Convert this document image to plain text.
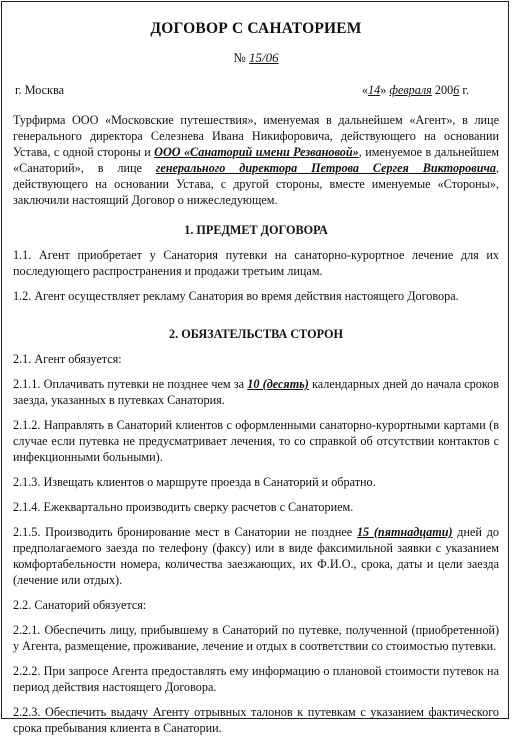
ДОГОВОР С САНАТОРИЕМ
№ 15/06
г. Москва	«14» февраля 2006 г.

Турфирма ООО «Московские путешествия», именуемая в дальнейшем «Агент», в лице генерального директора Селезнева Ивана Никифоровича, действующего на основании Устава, с одной стороны и ООО «Санаторий имени Резвановой», именуемое в дальнейшем «Санаторий», в лице генерального директора Петрова Сергея Викторовича, действующего на основании Устава, с другой стороны, вместе именуемые «Стороны», заключили настоящий Договор о нижеследующем.

1. ПРЕДМЕТ ДОГОВОРА

1.1. Агент приобретает у Санатория путевки на санаторно-курортное лечение для их последующего распространения и продажи третьим лицам.

1.2. Агент осуществляет рекламу Санатория во время действия настоящего Договора.

2. ОБЯЗАТЕЛЬСТВА СТОРОН

2.1. Агент обязуется:

2.1.1. Оплачивать путевки не позднее чем за 10 (десять) календарных дней до начала сроков заезда, указанных в путевках Санатория.

2.1.2. Направлять в Санаторий клиентов с оформленными санаторно-курортными картами (в случае если путевка не предусматривает лечения, то со справкой об отсутствии контактов с инфекционными больными).

2.1.3. Извещать клиентов о маршруте проезда в Санаторий и обратно.

2.1.4. Ежеквартально производить сверку расчетов с Санаторием.

2.1.5. Производить бронирование мест в Санатории не позднее 15 (пятнадцати) дней до предполагаемого заезда по телефону (факсу) или в виде факсимильной заявки с указанием комфортабельности номера, количества заезжающих, их Ф.И.О., срока, даты и цели заезда (лечение или отдых).

2.2. Санаторий обязуется:

2.2.1. Обеспечить лицу, прибывшему в Санаторий по путевке, полученной (приобретенной) у Агента, размещение, проживание, лечение и отдых в соответствии со стоимостью путевки.

2.2.2. При запросе Агента предоставлять ему информацию о плановой стоимости путевок на период действия настоящего Договора.

2.2.3. Обеспечить выдачу Агенту отрывных талонов к путевкам с указанием фактического срока пребывания клиента в Санатории.
